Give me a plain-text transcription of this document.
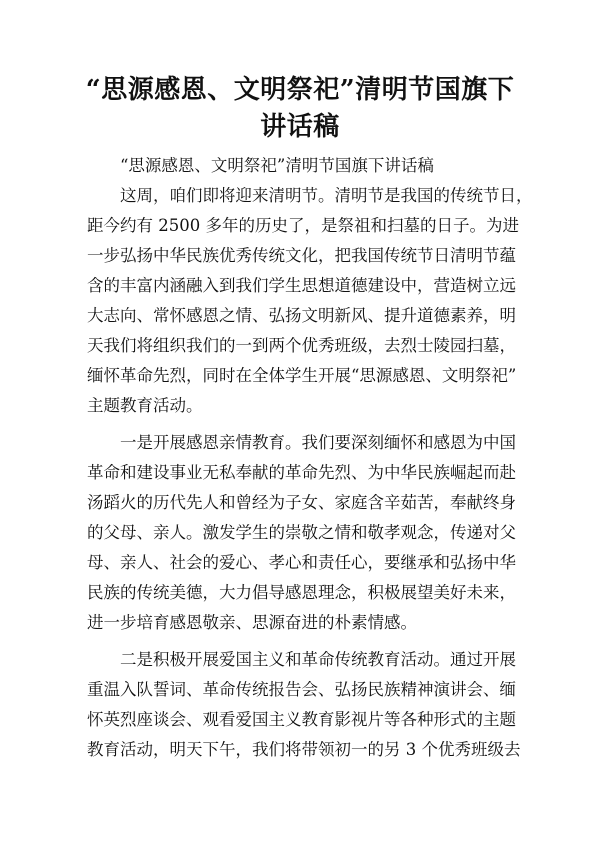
“思源感恩、文明祭祀”清明节国旗下讲话稿
“思源感恩、文明祭祀”清明节国旗下讲话稿
这周，咱们即将迎来清明节。清明节是我国的传统节日，
距今约有 2500 多年的历史了，是祭祖和扫墓的日子。为进
一步弘扬中华民族优秀传统文化，把我国传统节日清明节蕴
含的丰富内涵融入到我们学生思想道德建设中，营造树立远
大志向、常怀感恩之情、弘扬文明新风、提升道德素养，明
天我们将组织我们的一到两个优秀班级，去烈士陵园扫墓，
缅怀革命先烈，同时在全体学生开展“思源感恩、文明祭祀”
主题教育活动。
一是开展感恩亲情教育。我们要深刻缅怀和感恩为中国
革命和建设事业无私奉献的革命先烈、为中华民族崛起而赴
汤蹈火的历代先人和曾经为子女、家庭含辛茹苦，奉献终身
的父母、亲人。激发学生的崇敬之情和敬孝观念，传递对父
母、亲人、社会的爱心、孝心和责任心，要继承和弘扬中华
民族的传统美德，大力倡导感恩理念，积极展望美好未来，
进一步培育感恩敬亲、思源奋进的朴素情感。
二是积极开展爱国主义和革命传统教育活动。通过开展
重温入队誓词、革命传统报告会、弘扬民族精神演讲会、缅
怀英烈座谈会、观看爱国主义教育影视片等各种形式的主题
教育活动，明天下午，我们将带领初一的另 3 个优秀班级去
